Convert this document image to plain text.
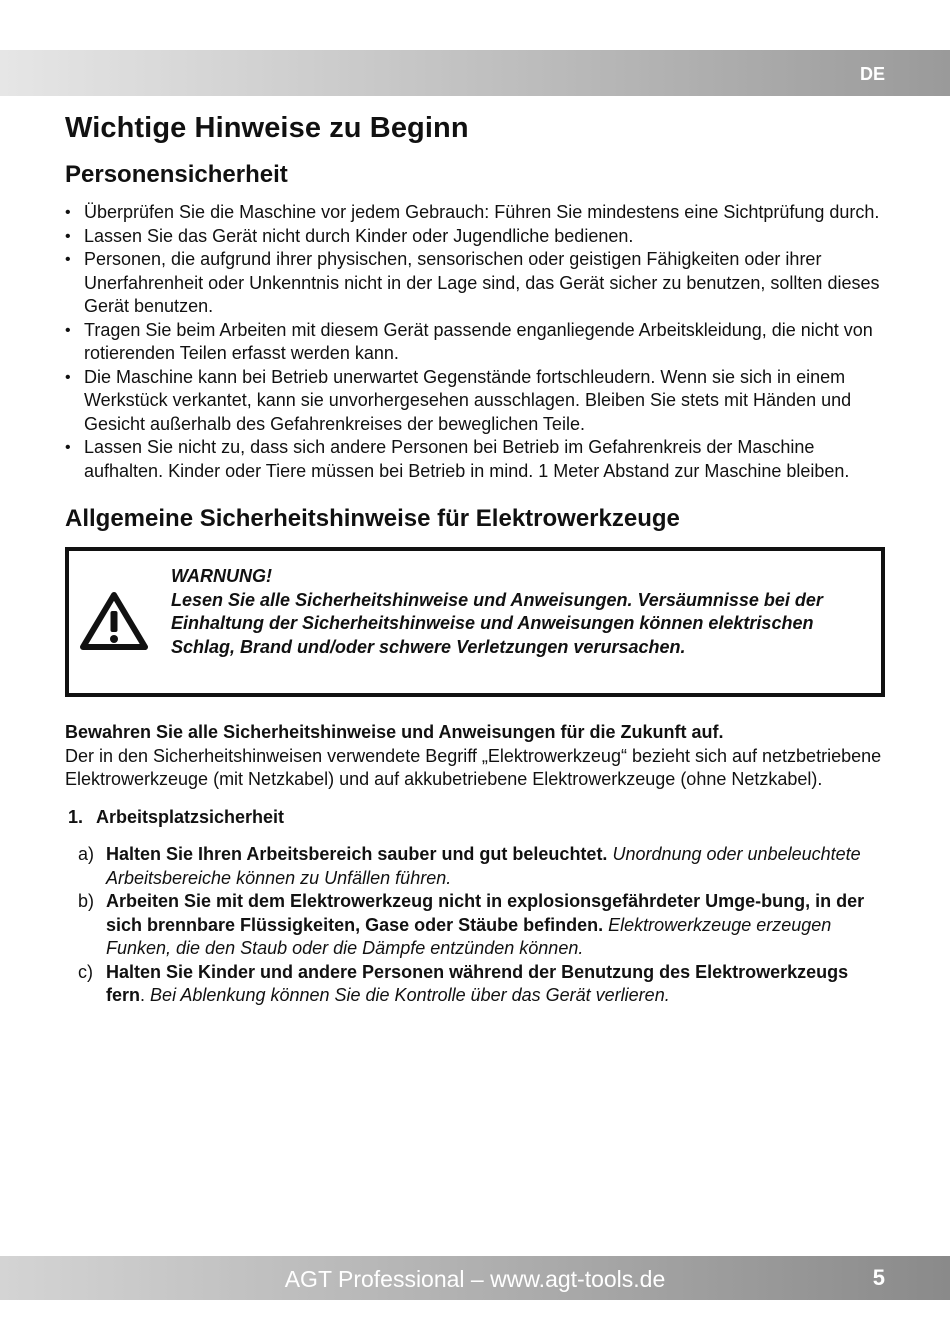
DE
Wichtige Hinweise zu Beginn
Personensicherheit
• Überprüfen Sie die Maschine vor jedem Gebrauch: Führen Sie mindestens eine Sichtprüfung durch.
• Lassen Sie das Gerät nicht durch Kinder oder Jugendliche bedienen.
• Personen, die aufgrund ihrer physischen, sensorischen oder geistigen Fähigkeiten oder ihrer Unerfahrenheit oder Unkenntnis nicht in der Lage sind, das Gerät sicher zu benutzen, sollten dieses Gerät benutzen.
• Tragen Sie beim Arbeiten mit diesem Gerät passende enganliegende Arbeitskleidung, die nicht von rotierenden Teilen erfasst werden kann.
• Die Maschine kann bei Betrieb unerwartet Gegenstände fortschleudern. Wenn sie sich in einem Werkstück verkantet, kann sie unvorhergesehen ausschlagen. Bleiben Sie stets mit Händen und Gesicht außerhalb des Gefahrenkreises der beweglichen Teile.
• Lassen Sie nicht zu, dass sich andere Personen bei Betrieb im Gefahrenkreis der Maschine aufhalten. Kinder oder Tiere müssen bei Betrieb in mind. 1 Meter Abstand zur Maschine bleiben.
Allgemeine Sicherheitshinweise für Elektrowerkzeuge
WARNUNG!
Lesen Sie alle Sicherheitshinweise und Anweisungen. Versäumnisse bei der Einhaltung der Sicherheitshinweise und Anweisungen können elektrischen Schlag, Brand und/oder schwere Verletzungen verursachen.
Bewahren Sie alle Sicherheitshinweise und Anweisungen für die Zukunft auf.
Der in den Sicherheitshinweisen verwendete Begriff „Elektrowerkzeug“ bezieht sich auf netzbetriebene Elektrowerkzeuge (mit Netzkabel) und auf akkubetriebene Elektrowerkzeuge (ohne Netzkabel).
1. Arbeitsplatzsicherheit
a) Halten Sie Ihren Arbeitsbereich sauber und gut beleuchtet. Unordnung oder unbeleuchtete Arbeitsbereiche können zu Unfällen führen.
b) Arbeiten Sie mit dem Elektrowerkzeug nicht in explosionsgefährdeter Umge-bung, in der sich brennbare Flüssigkeiten, Gase oder Stäube befinden. Elektrowerkzeuge erzeugen Funken, die den Staub oder die Dämpfe entzünden können.
c) Halten Sie Kinder und andere Personen während der Benutzung des Elektrowerkzeugs fern. Bei Ablenkung können Sie die Kontrolle über das Gerät verlieren.
AGT Professional – www.agt-tools.de	5
